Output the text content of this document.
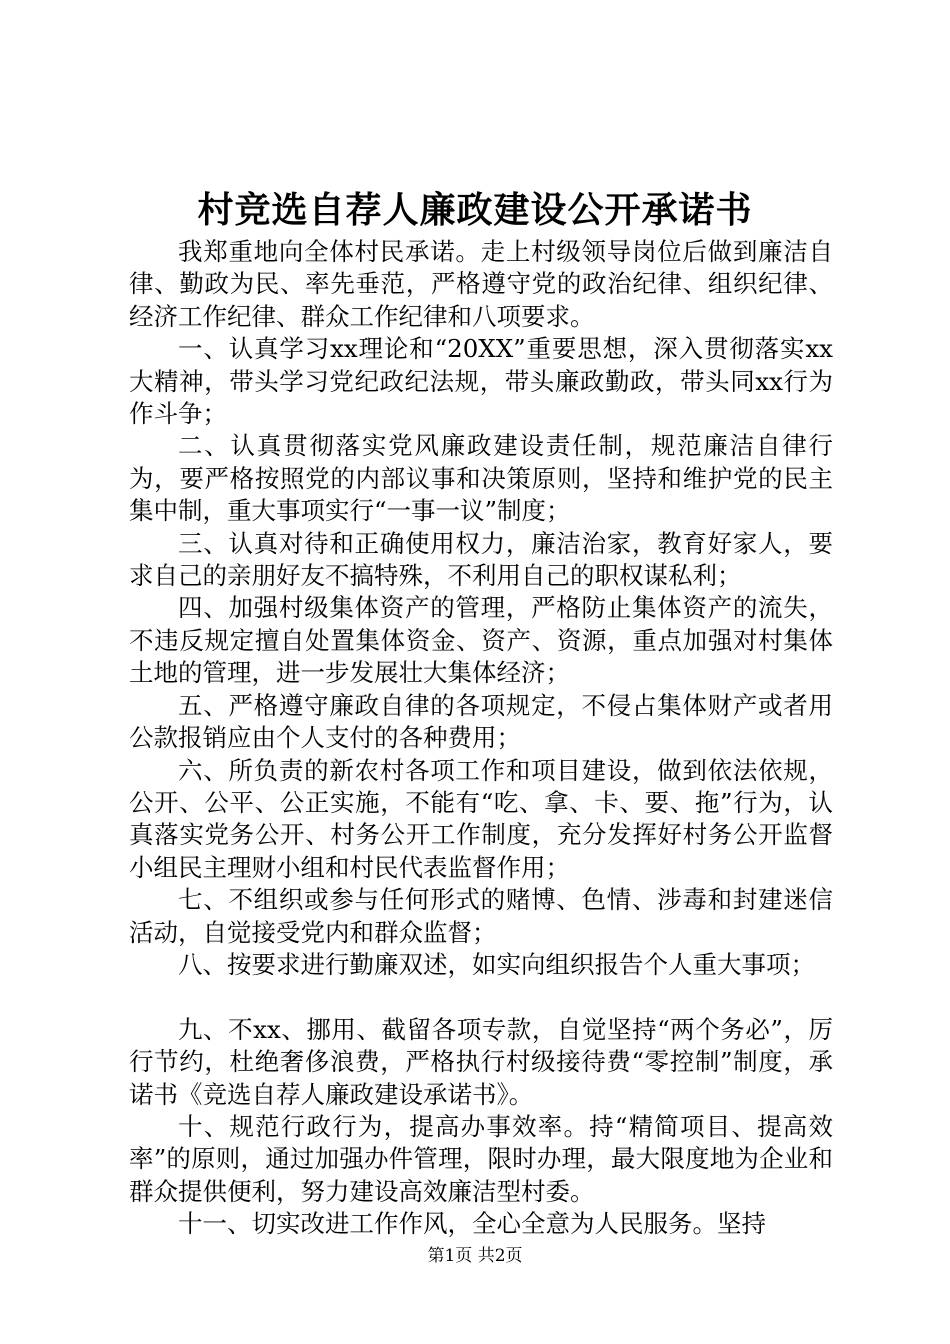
村竞选自荐人廉政建设公开承诺书

我郑重地向全体村民承诺。走上村级领导岗位后做到廉洁自律、勤政为民、率先垂范，严格遵守党的政治纪律、组织纪律、经济工作纪律、群众工作纪律和八项要求。

一、认真学习xx理论和“20XX”重要思想，深入贯彻落实xx大精神，带头学习党纪政纪法规，带头廉政勤政，带头同xx行为作斗争；

二、认真贯彻落实党风廉政建设责任制，规范廉洁自律行为，要严格按照党的内部议事和决策原则，坚持和维护党的民主集中制，重大事项实行“一事一议”制度；

三、认真对待和正确使用权力，廉洁治家，教育好家人，要求自己的亲朋好友不搞特殊，不利用自己的职权谋私利；

四、加强村级集体资产的管理，严格防止集体资产的流失，不违反规定擅自处置集体资金、资产、资源，重点加强对村集体土地的管理，进一步发展壮大集体经济；

五、严格遵守廉政自律的各项规定，不侵占集体财产或者用公款报销应由个人支付的各种费用；

六、所负责的新农村各项工作和项目建设，做到依法依规，公开、公平、公正实施，不能有“吃、拿、卡、要、拖”行为，认真落实党务公开、村务公开工作制度，充分发挥好村务公开监督小组民主理财小组和村民代表监督作用；

七、不组织或参与任何形式的赌博、色情、涉毒和封建迷信活动，自觉接受党内和群众监督；

八、按要求进行勤廉双述，如实向组织报告个人重大事项；

九、不xx、挪用、截留各项专款，自觉坚持“两个务必”，厉行节约，杜绝奢侈浪费，严格执行村级接待费“零控制”制度，承诺书《竞选自荐人廉政建设承诺书》。

十、规范行政行为，提高办事效率。持“精简项目、提高效率”的原则，通过加强办件管理，限时办理，最大限度地为企业和群众提供便利，努力建设高效廉洁型村委。

十一、切实改进工作作风，全心全意为人民服务。坚持

第1页 共2页
